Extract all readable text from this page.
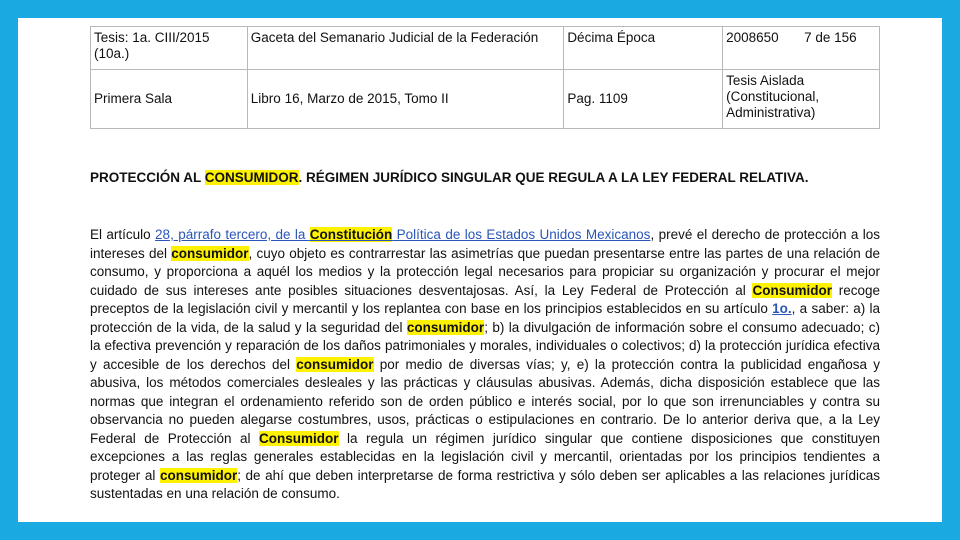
Tesis: 1a. CIII/2015 (10a.)	Gaceta del Semanario Judicial de la Federación	Décima Época	2008650 7 de 156
Primera Sala	Libro 16, Marzo de 2015, Tomo II	Pag. 1109	Tesis Aislada (Constitucional, Administrativa)
PROTECCIÓN AL CONSUMIDOR. RÉGIMEN JURÍDICO SINGULAR QUE REGULA A LA LEY FEDERAL RELATIVA.
El artículo 28, párrafo tercero, de la Constitución Política de los Estados Unidos Mexicanos, prevé el derecho de protección a los intereses del consumidor, cuyo objeto es contrarrestar las asimetrías que puedan presentarse entre las partes de una relación de consumo, y proporciona a aquél los medios y la protección legal necesarios para propiciar su organización y procurar el mejor cuidado de sus intereses ante posibles situaciones desventajosas. Así, la Ley Federal de Protección al Consumidor recoge preceptos de la legislación civil y mercantil y los replantea con base en los principios establecidos en su artículo 1o., a saber: a) la protección de la vida, de la salud y la seguridad del consumidor; b) la divulgación de información sobre el consumo adecuado; c) la efectiva prevención y reparación de los daños patrimoniales y morales, individuales o colectivos; d) la protección jurídica efectiva y accesible de los derechos del consumidor por medio de diversas vías; y, e) la protección contra la publicidad engañosa y abusiva, los métodos comerciales desleales y las prácticas y cláusulas abusivas. Además, dicha disposición establece que las normas que integran el ordenamiento referido son de orden público e interés social, por lo que son irrenunciables y contra su observancia no pueden alegarse costumbres, usos, prácticas o estipulaciones en contrario. De lo anterior deriva que, a la Ley Federal de Protección al Consumidor la regula un régimen jurídico singular que contiene disposiciones que constituyen excepciones a las reglas generales establecidas en la legislación civil y mercantil, orientadas por los principios tendientes a proteger al consumidor; de ahí que deben interpretarse de forma restrictiva y sólo deben ser aplicables a las relaciones jurídicas sustentadas en una relación de consumo.
